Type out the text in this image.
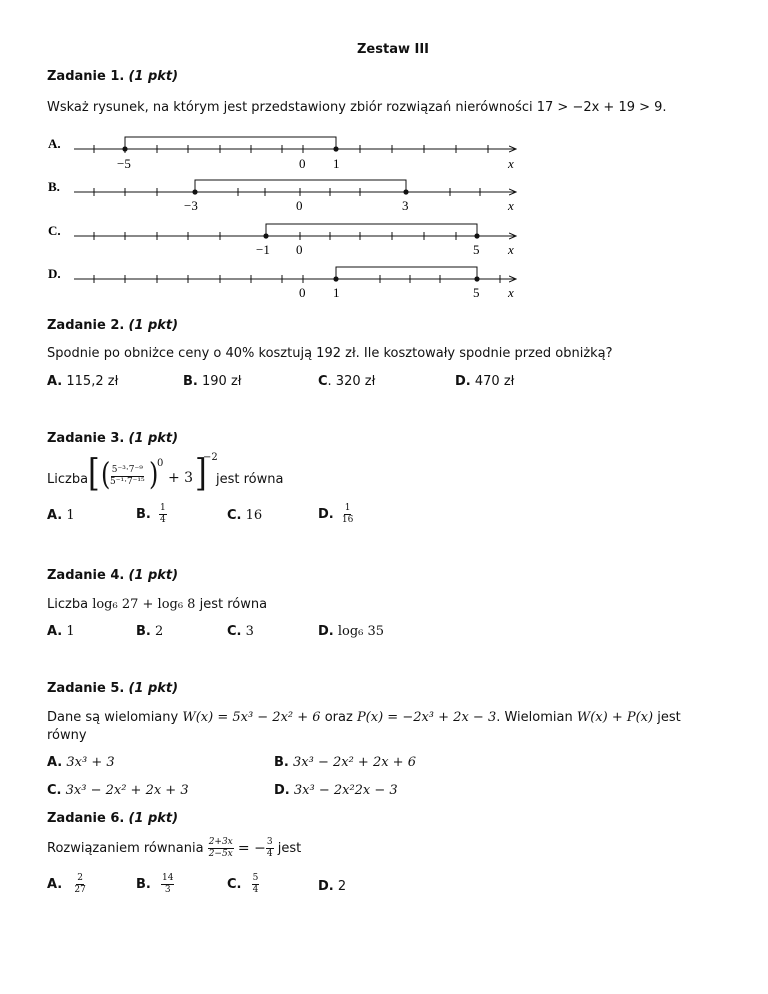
Zestaw III
Zadanie 1. (1 pkt)
Wskaż rysunek, na którym jest przedstawiony zbiór rozwiązań nierówności 17 > −2x + 19 > 9.
A.
−5	0 1	x
B.
−3	0	3	x
C.
−1 0	5 x
D.
0 1	5 x
Zadanie 2. (1 pkt)
Spodnie po obniżce ceny o 40% kosztują 192 zł. Ile kosztowały spodnie przed obniżką?
A. 115,2 zł	B. 190 zł	C. 320 zł	D. 470 zł
Zadanie 3. (1 pkt)
Liczba [ ( $\frac{\text{5⁻³·7⁻⁹}}{\text{5⁻¹·7⁻¹⁵}}$ )
0
+ 3 ]
−2
jest równa
A. 1	B. $\frac{1}{4}$	C. 16	D. $\frac{1}{16}$
Zadanie 4. (1 pkt)
Liczba log₆ 27 + log₆ 8 jest równa
A. 1	B. 2	C. 3	D. log₆ 35
Zadanie 5. (1 pkt)
Dane są wielomiany W(x) = 5x³ − 2x² + 6 oraz P(x) = −2x³ + 2x − 3. Wielomian W(x) + P(x) jest
równy
A. 3x³ + 3	B. 3x³ − 2x² + 2x + 6
C. 3x³ − 2x² + 2x + 3	D. 3x³ − 2x²2x − 3
Zadanie 6. (1 pkt)
Rozwiązaniem równania $\frac{2+3x}{2-5x}$ = − $\frac{3}{4}$ jest
A. $\frac{2}{27}$	B. $\frac{14}{3}$	C. $\frac{5}{4}$	D. 2
